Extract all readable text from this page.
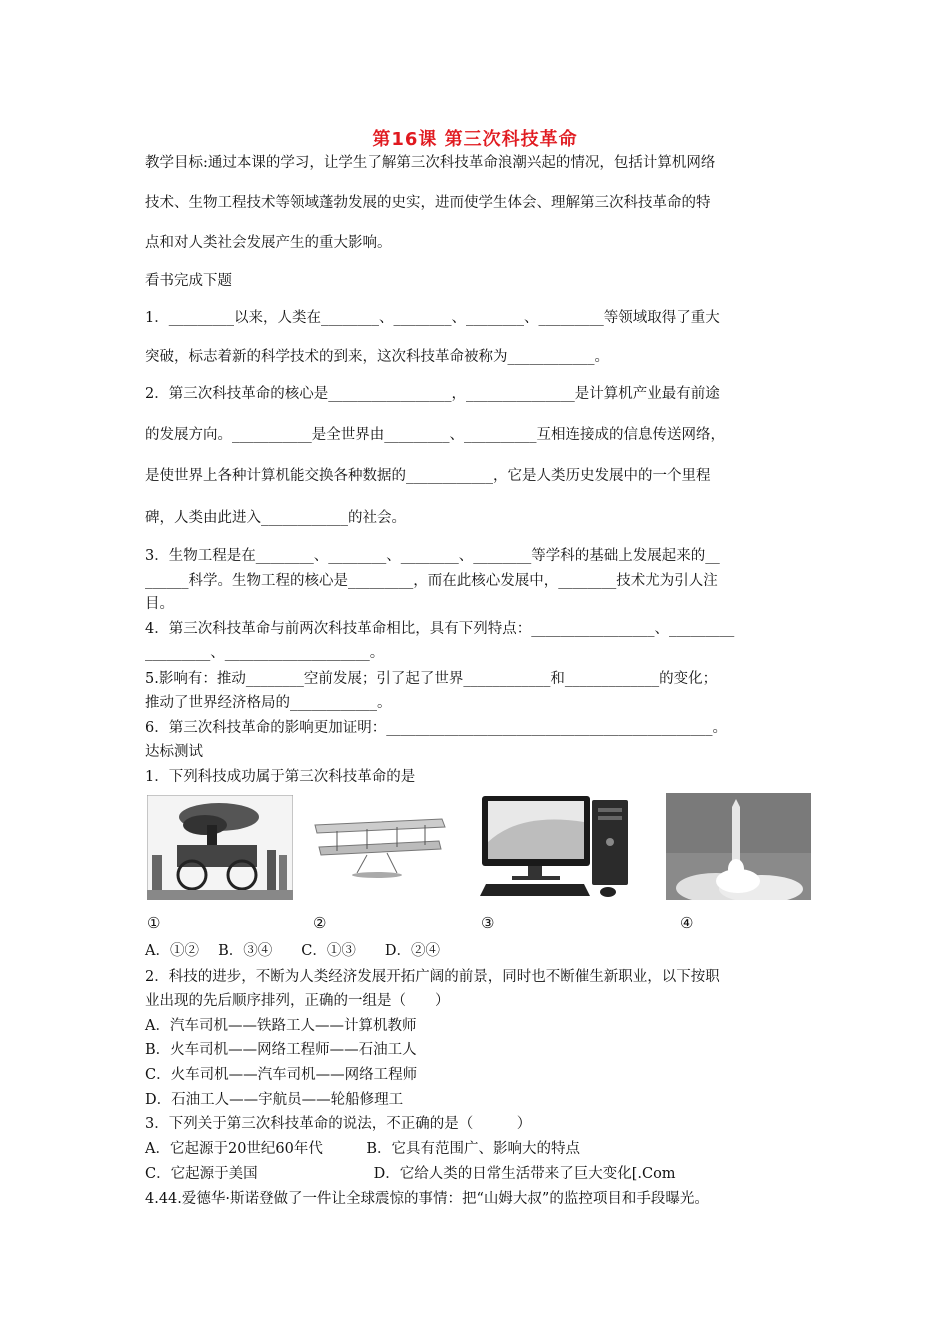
第16课 第三次科技革命
教学目标:通过本课的学习，让学生了解第三次科技革命浪潮兴起的情况，包括计算机网络
技术、生物工程技术等领域蓬勃发展的史实，进而使学生体会、理解第三次科技革命的特
点和对人类社会发展产生的重大影响。
看书完成下题
1．_________以来，人类在________、________、________、_________等领域取得了重大
突破，标志着新的科学技术的到来，这次科技革命被称为____________。
2．第三次科技革命的核心是_________________，_______________是计算机产业最有前途
的发展方向。___________是全世界由_________、__________互相连接成的信息传送网络，
是使世界上各种计算机能交换各种数据的____________，它是人类历史发展中的一个里程
碑，人类由此进入____________的社会。
3．生物工程是在________、________、________、________等学科的基础上发展起来的__
______科学。生物工程的核心是_________，而在此核心发展中，________技术尤为引人注
目。
4．第三次科技革命与前两次科技革命相比，具有下列特点：_________________、_________
_________、____________________。
5.影响有：推动________空前发展；引了起了世界____________和_____________的变化；
推动了世界经济格局的____________。
6．第三次科技革命的影响更加证明：_____________________________________________。
达标测试
1．下列科技成功属于第三次科技革命的是
①	②	③	④
A．①②　 B．③④　　C．①③　　D．②④
2．科技的进步，不断为人类经济发展开拓广阔的前景，同时也不断催生新职业，以下按职
业出现的先后顺序排列，正确的一组是（　　）
A．汽车司机——铁路工人——计算机教师
B．火车司机——网络工程师——石油工人
C．火车司机——汽车司机——网络工程师
D．石油工人——宇航员——轮船修理工
3．下列关于第三次科技革命的说法，不正确的是（　　　）
A．它起源于20世纪60年代　　　B．它具有范围广、影响大的特点
C．它起源于美国　　　　　　　　D．它给人类的日常生活带来了巨大变化[.Com
4.44.爱德华·斯诺登做了一件让全球震惊的事情：把“山姆大叔”的监控项目和手段曝光。
